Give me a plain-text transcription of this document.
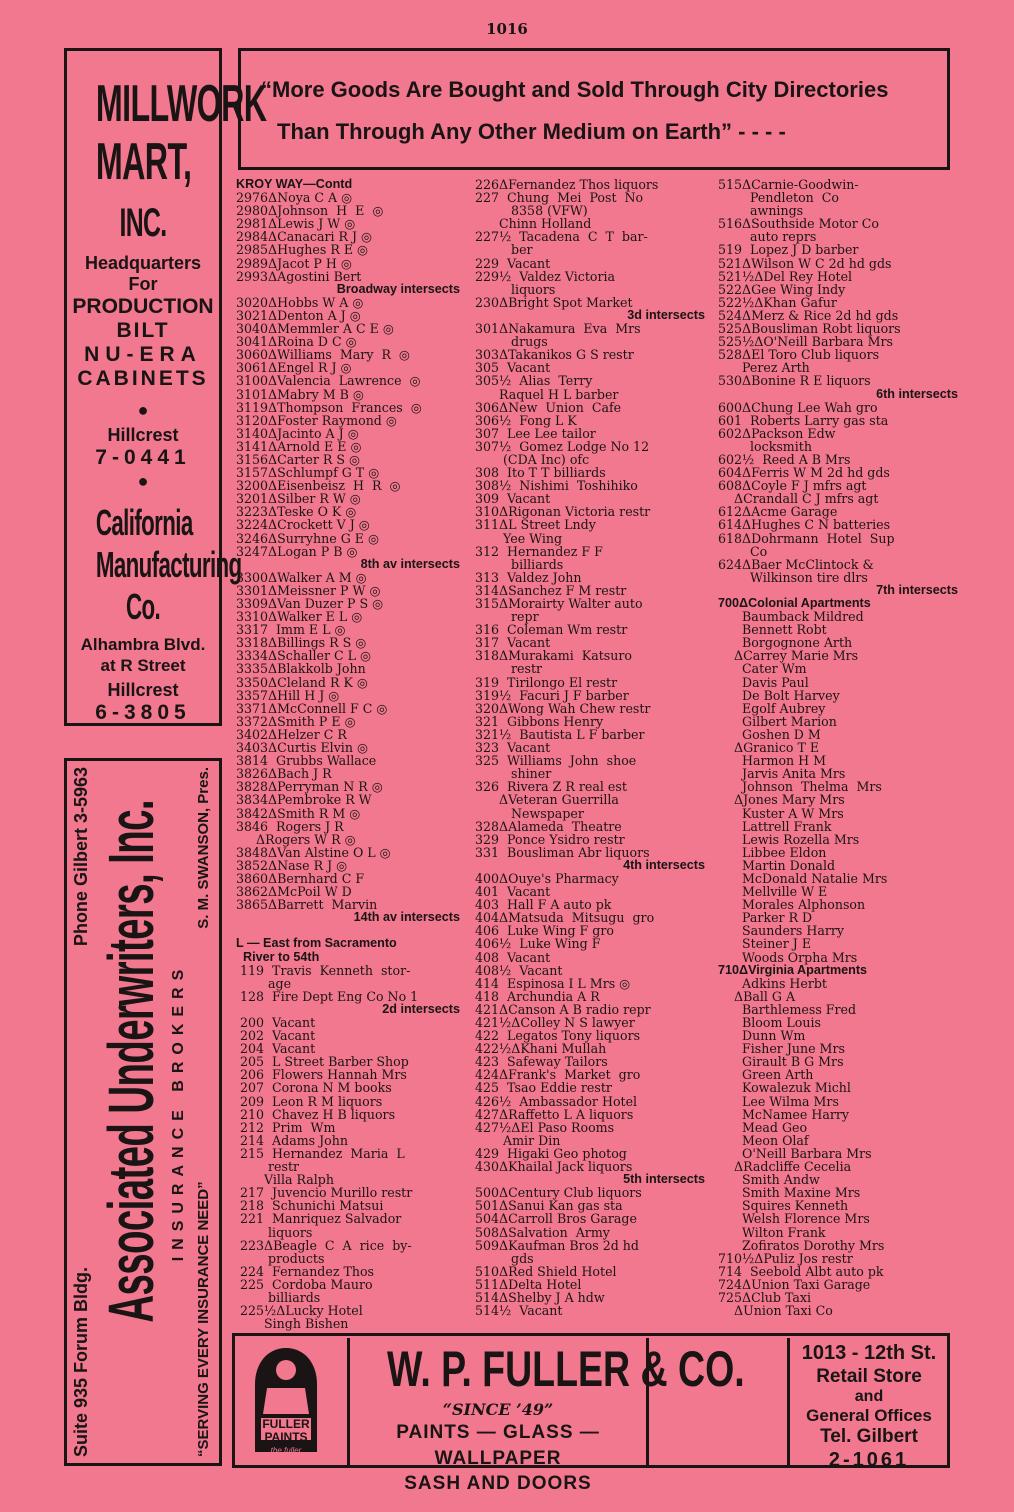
1016
MILLWORK
MART,
INC.
Headquarters
For
PRODUCTION
BILT
NU-ERA
CABINETS
●
Hillcrest
7-0441
●
California
Manufacturing
Co.
Alhambra Blvd.
at R Street
Hillcrest
6-3805
Suite 935 Forum Bldg.
Phone Gilbert 3-5963 Associated Underwriters, Inc. INSURANCE BROKERS
“SERVING EVERY INSURANCE NEED”
S. M. SWANSON, Pres.
“More Goods Are Bought and Sold Through City Directories
Than Through Any Other Medium on Earth” - - - -
KROY WAY—Contd
2976ΔNoya C A ◎
2980ΔJohnson  H  E  ◎
2981ΔLewis J W ◎
2984ΔCanacari R J ◎
2985ΔHughes R E ◎
2989ΔJacot P H ◎
2993ΔAgostini Bert
Broadway intersects
3020ΔHobbs W A ◎
3021ΔDenton A J ◎
3040ΔMemmler A C E ◎
3041ΔRoina D C ◎
3060ΔWilliams  Mary  R  ◎
3061ΔEngel R J ◎
3100ΔValencia  Lawrence  ◎
3101ΔMabry M B ◎
3119ΔThompson  Frances  ◎
3120ΔFoster Raymond ◎
3140ΔJacinto A J ◎
3141ΔArnold E E ◎
3156ΔCarter R S ◎
3157ΔSchlumpf G T ◎
3200ΔEisenbeisz  H  R  ◎
3201ΔSilber R W ◎
3223ΔTeske O K ◎
3224ΔCrockett V J ◎
3246ΔSurryhne G E ◎
3247ΔLogan P B ◎
8th av intersects
3300ΔWalker A M ◎
3301ΔMeissner P W ◎
3309ΔVan Duzer P S ◎
3310ΔWalker E L ◎
3317  Imm E L ◎
3318ΔBillings R S ◎
3334ΔSchaller C L ◎
3335ΔBlakkolb John
3350ΔCleland R K ◎
3357ΔHill H J ◎
3371ΔMcConnell F C ◎
3372ΔSmith P E ◎
3402ΔHelzer C R
3403ΔCurtis Elvin ◎
3814  Grubbs Wallace
3826ΔBach J R
3828ΔPerryman N R ◎
3834ΔPembroke R W
3842ΔSmith R M ◎
3846  Rogers J R
ΔRogers W R ◎
3848ΔVan Alstine O L ◎
3852ΔNase R J ◎
3860ΔBernhard C F
3862ΔMcPoil W D
3865ΔBarrett  Marvin
14th av intersects

L — East from Sacramento
River to 54th
119  Travis  Kenneth  stor-
age
128  Fire Dept Eng Co No 1
2d intersects
200  Vacant
202  Vacant
204  Vacant
205  L Street Barber Shop
206  Flowers Hannah Mrs
207  Corona N M books
209  Leon R M liquors
210  Chavez H B liquors
212  Prim  Wm
214  Adams John
215  Hernandez  Maria  L
restr
Villa Ralph
217  Juvencio Murillo restr
218  Schunichi Matsui
221  Manriquez Salvador
liquors
223ΔBeagle  C  A  rice  by-
products
224  Fernandez Thos
225  Cordoba Mauro
billiards
225½ΔLucky Hotel
Singh Bishen
226ΔFernandez Thos liquors
227  Chung  Mei  Post  No
8358 (VFW)
Chinn Holland
227½  Tacadena  C  T  bar-
ber
229  Vacant
229½  Valdez Victoria
liquors
230ΔBright Spot Market
3d intersects
301ΔNakamura  Eva  Mrs
drugs
303ΔTakanikos G S restr
305  Vacant
305½  Alias  Terry
Raquel H L barber
306ΔNew  Union  Cafe
306½  Fong L K
307  Lee Lee tailor
307½  Gomez Lodge No 12
(CDA Inc) ofc
308  Ito T T billiards
308½  Nishimi  Toshihiko
309  Vacant
310ΔRigonan Victoria restr
311ΔL Street Lndy
Yee Wing
312  Hernandez F F
billiards
313  Valdez John
314ΔSanchez F M restr
315ΔMorairty Walter auto
repr
316  Coleman Wm restr
317  Vacant
318ΔMurakami  Katsuro
restr
319  Tirilongo El restr
319½  Facuri J F barber
320ΔWong Wah Chew restr
321  Gibbons Henry
321½  Bautista L F barber
323  Vacant
325  Williams  John  shoe
shiner
326  Rivera Z R real est
ΔVeteran Guerrilla
Newspaper
328ΔAlameda  Theatre
329  Ponce Ysidro restr
331  Bousliman Abr liquors
4th intersects
400ΔOuye's Pharmacy
401  Vacant
403  Hall F A auto pk
404ΔMatsuda  Mitsugu  gro
406  Luke Wing F gro
406½  Luke Wing F
408  Vacant
408½  Vacant
414  Espinosa I L Mrs ◎
418  Archundia A R
421ΔCanson A B radio repr
421½ΔColley N S lawyer
422  Legatos Tony liquors
422½ΔKhani Mullah
423  Safeway Tailors
424ΔFrank's  Market  gro
425  Tsao Eddie restr
426½  Ambassador Hotel
427ΔRaffetto L A liquors
427½ΔEl Paso Rooms
Amir Din
429  Higaki Geo photog
430ΔKhailal Jack liquors
5th intersects
500ΔCentury Club liquors
501ΔSanui Kan gas sta
504ΔCarroll Bros Garage
508ΔSalvation  Army
509ΔKaufman Bros 2d hd
gds
510ΔRed Shield Hotel
511ΔDelta Hotel
514ΔShelby J A hdw
514½  Vacant
515ΔCarnie-Goodwin-
Pendleton  Co
awnings
516ΔSouthside Motor Co
auto reprs
519  Lopez J D barber
521ΔWilson W C 2d hd gds
521½ΔDel Rey Hotel
522ΔGee Wing Indy
522½ΔKhan Gafur
524ΔMerz & Rice 2d hd gds
525ΔBousliman Robt liquors
525½ΔO'Neill Barbara Mrs
528ΔEl Toro Club liquors
Perez Arth
530ΔBonine R E liquors
6th intersects
600ΔChung Lee Wah gro
601  Roberts Larry gas sta
602ΔPackson Edw
locksmith
602½  Reed A B Mrs
604ΔFerris W M 2d hd gds
608ΔCoyle F J mfrs agt
ΔCrandall C J mfrs agt
612ΔAcme Garage
614ΔHughes C N batteries
618ΔDohrmann  Hotel  Sup
Co
624ΔBaer McClintock &
Wilkinson tire dlrs
7th intersects
700ΔColonial Apartments
Baumback Mildred
Bennett Robt
Borgognone Arth
ΔCarrey Marie Mrs
Cater Wm
Davis Paul
De Bolt Harvey
Egolf Aubrey
Gilbert Marion
Goshen D M
ΔGranico T E
Harmon H M
Jarvis Anita Mrs
Johnson  Thelma  Mrs
ΔJones Mary Mrs
Kuster A W Mrs
Lattrell Frank
Lewis Rozella Mrs
Libbee Eldon
Martin Donald
McDonald Natalie Mrs
Mellville W E
Morales Alphonson
Parker R D
Saunders Harry
Steiner J E
Woods Orpha Mrs
710ΔVirginia Apartments
Adkins Herbt
ΔBall G A
Barthlemess Fred
Bloom Louis
Dunn Wm
Fisher June Mrs
Girault B G Mrs
Green Arth
Kowalezuk Michl
Lee Wilma Mrs
McNamee Harry
Mead Geo
Meon Olaf
O'Neill Barbara Mrs
ΔRadcliffe Cecelia
Smith Andw
Smith Maxine Mrs
Squires Kenneth
Welsh Florence Mrs
Wilton Frank
Zofiratos Dorothy Mrs
710½ΔPuliz Jos restr
714  Seebold Albt auto pk
724ΔUnion Taxi Garage
725ΔClub Taxi
ΔUnion Taxi Co
FULLER PAINTS
the fuller
W. P. FULLER & CO.
“SINCE ’49”
PAINTS — GLASS — WALLPAPER
SASH AND DOORS
1013 - 12th St.
Retail Store
and
General Offices
Tel. Gilbert
2-1061
